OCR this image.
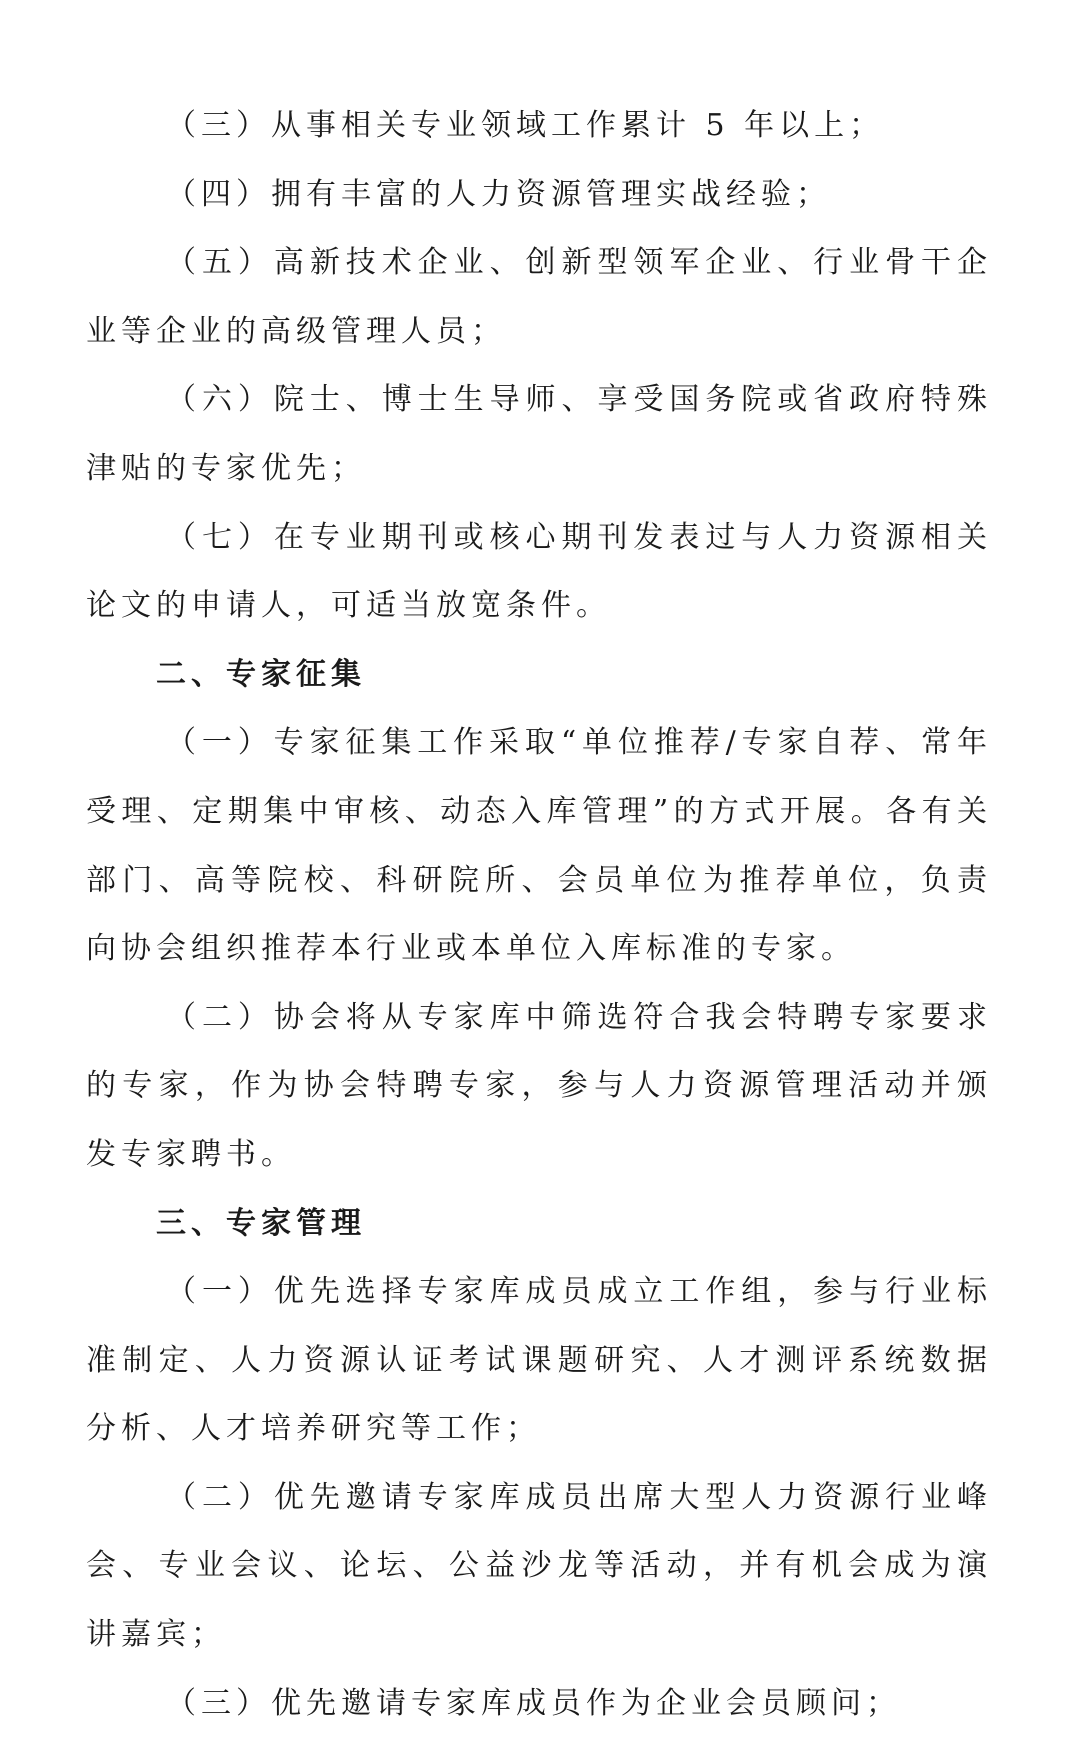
（三）从事相关专业领域工作累计 5 年以上；

（四）拥有丰富的人力资源管理实战经验；

（五）高新技术企业、创新型领军企业、行业骨干企业等企业的高级管理人员；

（六）院士、博士生导师、享受国务院或省政府特殊津贴的专家优先；

（七）在专业期刊或核心期刊发表过与人力资源相关论文的申请人，可适当放宽条件。

二、专家征集

（一）专家征集工作采取“单位推荐/专家自荐、常年受理、定期集中审核、动态入库管理”的方式开展。各有关部门、高等院校、科研院所、会员单位为推荐单位，负责向协会组织推荐本行业或本单位入库标准的专家。

（二）协会将从专家库中筛选符合我会特聘专家要求的专家，作为协会特聘专家，参与人力资源管理活动并颁发专家聘书。

三、专家管理

（一）优先选择专家库成员成立工作组，参与行业标准制定、人力资源认证考试课题研究、人才测评系统数据分析、人才培养研究等工作；

（二）优先邀请专家库成员出席大型人力资源行业峰会、专业会议、论坛、公益沙龙等活动，并有机会成为演讲嘉宾；

（三）优先邀请专家库成员作为企业会员顾问；
